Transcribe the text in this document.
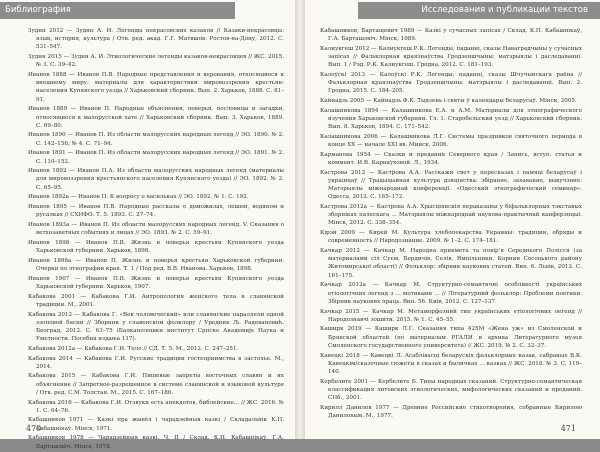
Библиография

Зуднн 2012 — Зуднн А. И. Легенды некрасовских казаков // Казаки-некрасовцы: язык, история, культура / Отв. ред. акад. Г.Г. Матвшов. Ростов-на-Дону, 2012. С. 531–547.

Зуднн 2015 — Зуднн А. И. Этиологические легенды казаков-некрасовцев // ЖС. 2015. № 3. С. 39–42.

Иванов 1888 — Иванов П.В. Народные представления и верования, относящиеся к внешнему миру: материалы для характеристики мировоззрения крестьян-населения Купянского уезда // Харьковский сборник. Вып. 2. Харьков, 1888. С. 81–91.

Иванов 1889 — Иванов П. Народные объяснения, поверья, пословицы и загадки, относящиеся к малорусской хате // Харьковский сборник. Вып. 3. Харьков, 1889. С. 69–80.

Иванов 1890 — Иванов П. Из области малорусских народных легенд // ЭО. 1890. № 2. С. 142–156; № 4. С. 71–94.

Иванов 1891 — Иванов П. Из области малорусских народных легенд // ЭО. 1891. № 2. С. 110–152.

Иванов 1892 — Иванов П.А. Из области малорусских народных легенд (материалы для мировоззрения крестьянского населения Купянского уезда) // ЭО. 1892. № 2. С. 65–95.

Иванов 1892а — Иванов П. К вопросу о васильках // ЭО. 1892. № 1. С. 192.

Иванов 1895 — Иванов П.В. Народные рассказы о доможилах, лешем, водяном и русалках // СХИФО. Т. 5. 1893. С. 27–74.

Иванов 1893а — Иванов П. Из области малорусских народных легенд. V. Сказания о ветхозаветных событиях и лицах // ЭО. 1893. № 2. С. 59–91.

Иванов 1898 — Иванов П.В. Жизнь и поверья крестьян Купянского уезда Харьковской губернии. Харьков, 1898.

Иванов 1898а — Иванов П. Жизнь и поверья крестьян Харьковской губернии. Очерки по этнографии края. Т. 1 / Под ред. В.В. Иванова. Харьков, 1898.

Иванов 1907 — Иванов П.В. Жизнь и поверья крестьян Купянского уезда Харьковской губернии. Харьков, 1907.

Кабакова 2001 — Кабакова Г.И. Антропология женского тела в славянской традиции. М., 2001.

Кабакова 2012 — Кабакова Г. «Век человеческий» или славянские параллели одной эзоповой басни // Зборник у славенском фолклору / Уредник Љ. Радевановић. Београд, 2012. С. 63–75 (Балканолошки институт Српске Академије Наука и Уметности. Посебна издања 117).

Кабакова 2012а — Кабакова Г.И. Тело // СД. Т. 5. М., 2012. С. 247–251.

Кабакова 2014 — Кабакова Г.И. Русские традиции гостеприимства в застолье. М., 2014.

Кабакова 2015 — Кабакова Г.И. Пищевые запреты восточных славян и их объяснение // Запретное-разрешенное в системе славянской и языковой культуре / Отв. ред. С.М. Толстая. М., 2015. С. 167–186.

Кабакова 2016 — Кабакова Г.И. Отзвуки есть анекдотов, библейские... // ЖС. 2016. № 1. С. 64–76.

Кабашников 1971 — Казкі пра жывёл і чарадзейныя казкі / Складальнік К.П. Кабашнікаў. Мінск, 1971.

Кабашников 1978 — Чарадзейныя казкі. Ч. II / Склад. К.П. Кабашнікаў, Г.А. Барташэвіч. Мінск, 1978.

470
Исследования и публикации текстов

Кабашников, Бартащевич 1989 — Казкі у сучасных запісах / Склад. К.П. Кабашнікаў, Г.А. Барташэвіч. Мінск, 1989.

Калиукгеш 2012 — Калиукгеш Р.К. Легенды, паданні, сказы Наваградчыны у сучасных запісах // Фальклорная краязнаўства Гродзеншчыны: матэрыялы і даследаванні. Вып. 1 / Рэд. Р.К. Калиукгеш. Гродна, 2012. С. 181–193.

Калоўскі 2013 — Калоўскі Р.К. Легенды, паданні, сказы Шчучынскага раёна // Фальклорная краязнаўства Гродзеншчыны: матэрыялы і даследаванні. Вып. 2. Гродна, 2015. С. 184–205.

Кайнадзь 2005 — Кайнадзь Ф.К. Тыдзень і святы ў календары беларусаў. Мінск, 2005.

Калашникова 1894 — Калашникова Е.А. и А.М. Материалы для этнографического изучения Харьковской губернии. Гл. 1. Старобельский уезд // Харьковский сборник. Вып. 8. Харьков, 1894. С. 171–542.

Калашникова 2006 — Калашникова Л.Г. Системы праздников святочного периода в конце XX — начале XXI вв. Минск, 2006.

Карманова 1954 — Сказки и предания Северного края / Запись, вступ. статья и коммент. И.В. Карнауховой. Л., 1934.

Кастрова 2012 — Кастрова А.А. Расскажи свет у пересказах і памяці беларусаў і украінцаў // Традыцыйная культура дзяцінства: збіранне, захаванне, вывучэнне. Матэрыялы міжнароднай конференції. «Одесский этнографический семинар». Одесса, 2012. С. 165–172.

Кастрова 2012а — Кастрова А.А. Хрысціянскія пераказаны у біфальклорных тэкставых зборніках палескага ... Матэрыялы міжнароднай наукова-практычнай канферэнцыі. Мінск, 2012. С. 338–354.

Кірэй 2009 — Кирей М. Культура хлебопекарства Украины: традиции, обряды и современность // Народознание. 2009. № 1–2. С. 174–181.

Качкар 2012 — Качкар М. Народна прикмета та повір’я Середнього Полісся (за материалами сіл Суєм, Бердичів, Селів, Ямпільники, Корнин Сосоцького району Житомирської області) // Фольклор: збірник наукових статей. Вип. 6. Львів, 2012. С. 161–175.

Качкар 2012а — Качкар М. Структурно-семантичні особливості українських етіологічних легенд з ... мотивами ... // Літературний фольклор: Проблеми поетики. Збірник наукових праць. Вип. 56. Київ, 2012. С. 127–137.

Качкар 2015 — Качкар М. Метаморфозний тип українських етіологічних легенд // Народознавчі зошити. 2015. № 1. С. 45–55.

Каширк 2019 — Каширк Л.Г. Сказания типа 425М «Жена уж» из Смоленской и Брянской областей (по материалам РГАЛИ и архива Литературного музея Смоленского государственного университета) // ЖС. 2019. № 2. С. 32–37.

Кавецкі 2018 — Кавецкі Л. Асаблівасці беларускіх фальклорных казак, сабраных В.К. Кавецкім/сказочные сюжеты в сказах и быличках ... казках // ЖС. 2018. № 3. С. 119–140.

Кербелите 2001 — Кербелите Б. Типы народных сказаний. Структурно-семантическая классификация литовских этиологических, мифологических сказаний и преданий. СПб., 2001.

Кирилл Данилов 1977 — Древние Российские стихотворения, собранные Кирилою Даниловым. М., 1977.

471
